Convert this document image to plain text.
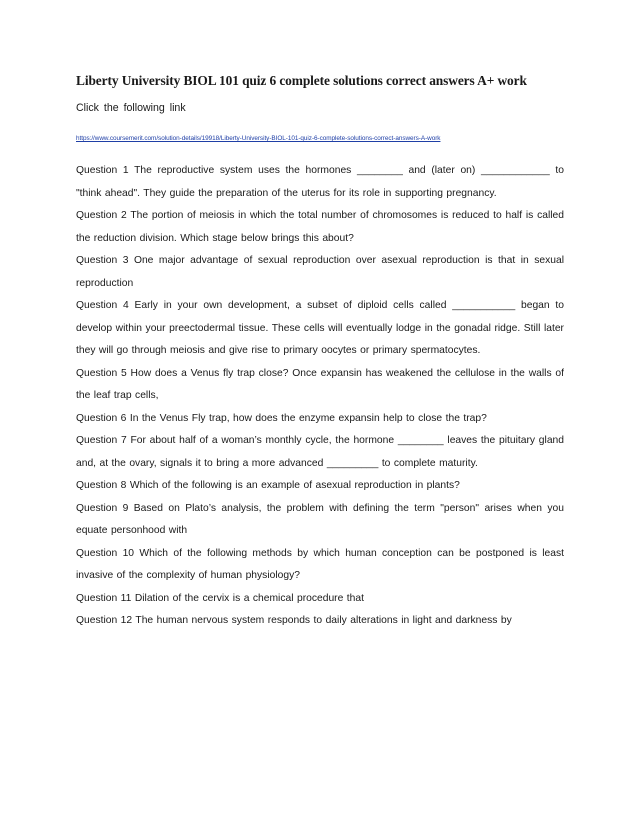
Liberty University BIOL 101 quiz 6 complete solutions correct answers A+ work
Click the following link
https://www.coursemerit.com/solution-details/19918/Liberty-University-BIOL-101-quiz-6-complete-solutions-correct-answers-A-work

Question 1 The reproductive system uses the hormones ________ and (later on) ____________ to "think ahead". They guide the preparation of the uterus for its role in supporting pregnancy.

Question 2 The portion of meiosis in which the total number of chromosomes is reduced to half is called the reduction division. Which stage below brings this about?

Question 3 One major advantage of sexual reproduction over asexual reproduction is that in sexual reproduction

Question 4 Early in your own development, a subset of diploid cells called ___________ began to develop within your preectodermal tissue. These cells will eventually lodge in the gonadal ridge. Still later they will go through meiosis and give rise to primary oocytes or primary spermatocytes.

Question 5 How does a Venus fly trap close? Once expansin has weakened the cellulose in the walls of the leaf trap cells,

Question 6 In the Venus Fly trap, how does the enzyme expansin help to close the trap?

Question 7 For about half of a woman’s monthly cycle, the hormone ________ leaves the pituitary gland and, at the ovary, signals it to bring a more advanced _________ to complete maturity.

Question 8 Which of the following is an example of asexual reproduction in plants?

Question 9 Based on Plato’s analysis, the problem with defining the term "person" arises when you equate personhood with

Question 10 Which of the following methods by which human conception can be postponed is least invasive of the complexity of human physiology?

Question 11 Dilation of the cervix is a chemical procedure that

Question 12 The human nervous system responds to daily alterations in light and darkness by
